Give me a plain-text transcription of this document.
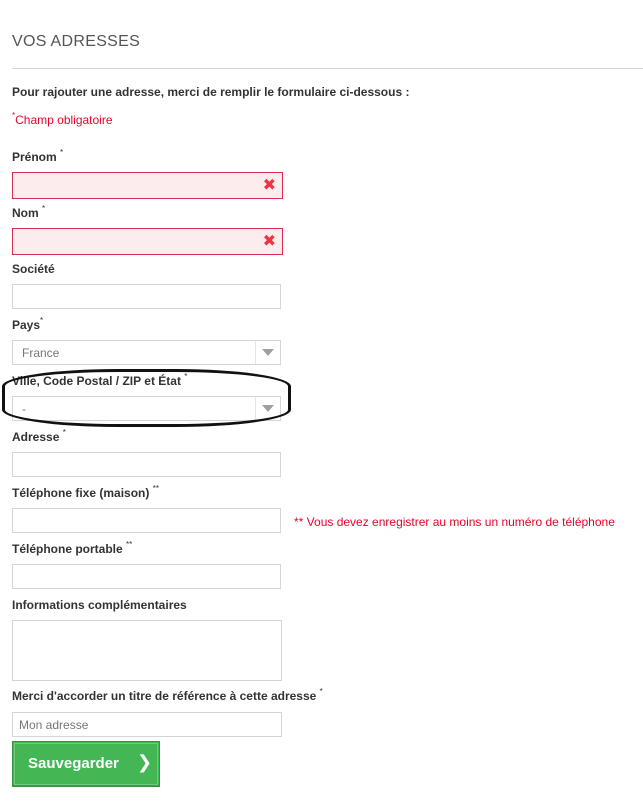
VOS ADRESSES
Pour rajouter une adresse, merci de remplir le formulaire ci-dessous :
*Champ obligatoire
Prénom *
✖
Nom *
✖
Société
Pays*
France
Ville, Code Postal / ZIP et État *
-
Adresse *
Téléphone fixe (maison) **
** Vous devez enregistrer au moins un numéro de téléphone
Téléphone portable **
Informations complémentaires
Merci d'accorder un titre de référence à cette adresse *
Mon adresse
Sauvegarder ❯
